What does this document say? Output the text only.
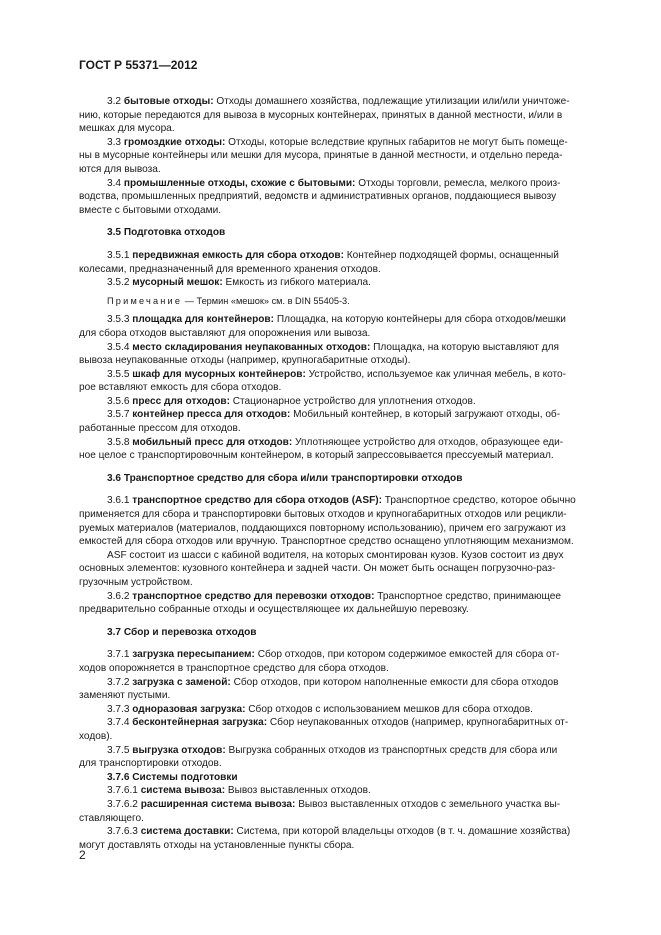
ГОСТ Р 55371—2012

3.2 бытовые отходы: Отходы домашнего хозяйства, подлежащие утилизации или/или уничтоже-

нию, которые передаются для вывоза в мусорных контейнерах, принятых в данной местности, и/или в

мешках для мусора.

3.3 громоздкие отходы: Отходы, которые вследствие крупных габаритов не могут быть помеще-

ны в мусорные контейнеры или мешки для мусора, принятые в данной местности, и отдельно переда-

ются для вывоза.

3.4 промышленные отходы, схожие с бытовыми: Отходы торговли, ремесла, мелкого произ-

водства, промышленных предприятий, ведомств и административных органов, поддающиеся вывозу

вместе с бытовыми отходами.

3.5 Подготовка отходов

3.5.1 передвижная емкость для сбора отходов: Контейнер подходящей формы, оснащенный

колесами, предназначенный для временного хранения отходов.

3.5.2 мусорный мешок: Емкость из гибкого материала.

Примечание — Термин «мешок» см. в DIN 55405-3.

3.5.3 площадка для контейнеров: Площадка, на которую контейнеры для сбора отходов/мешки

для сбора отходов выставляют для опорожнения или вывоза.

3.5.4 место складирования неупакованных отходов: Площадка, на которую выставляют для

вывоза неупакованные отходы (например, крупногабаритные отходы).

3.5.5 шкаф для мусорных контейнеров: Устройство, используемое как уличная мебель, в кото-

рое вставляют емкость для сбора отходов.

3.5.6 пресс для отходов: Стационарное устройство для уплотнения отходов.

3.5.7 контейнер пресса для отходов: Мобильный контейнер, в который загружают отходы, об-

работанные прессом для отходов.

3.5.8 мобильный пресс для отходов: Уплотняющее устройство для отходов, образующее еди-

ное целое с транспортировочным контейнером, в который запрессовывается прессуемый материал.

3.6 Транспортное средство для сбора и/или транспортировки отходов

3.6.1 транспортное средство для сбора отходов (ASF): Транспортное средство, которое обычно

применяется для сбора и транспортировки бытовых отходов и крупногабаритных отходов или рецикли-

руемых материалов (материалов, поддающихся повторному использованию), причем его загружают из

емкостей для сбора отходов или вручную. Транспортное средство оснащено уплотняющим механизмом.

ASF состоит из шасси с кабиной водителя, на которых смонтирован кузов. Кузов состоит из двух

основных элементов: кузовного контейнера и задней части. Он может быть оснащен погрузочно-раз-

грузочным устройством.

3.6.2 транспортное средство для перевозки отходов: Транспортное средство, принимающее

предварительно собранные отходы и осуществляющее их дальнейшую перевозку.

3.7 Сбор и перевозка отходов

3.7.1 загрузка пересыпанием: Сбор отходов, при котором содержимое емкостей для сбора от-

ходов опорожняется в транспортное средство для сбора отходов.

3.7.2 загрузка с заменой: Сбор отходов, при котором наполненные емкости для сбора отходов

заменяют пустыми.

3.7.3 одноразовая загрузка: Сбор отходов с использованием мешков для сбора отходов.

3.7.4 бесконтейнерная загрузка: Сбор неупакованных отходов (например, крупногабаритных от-

ходов).

3.7.5 выгрузка отходов: Выгрузка собранных отходов из транспортных средств для сбора или

для транспортировки отходов.

3.7.6 Системы подготовки

3.7.6.1 система вывоза: Вывоз выставленных отходов.

3.7.6.2 расширенная система вывоза: Вывоз выставленных отходов с земельного участка вы-

ставляющего.

3.7.6.3 система доставки: Система, при которой владельцы отходов (в т. ч. домашние хозяйства)

могут доставлять отходы на установленные пункты сбора.

2
